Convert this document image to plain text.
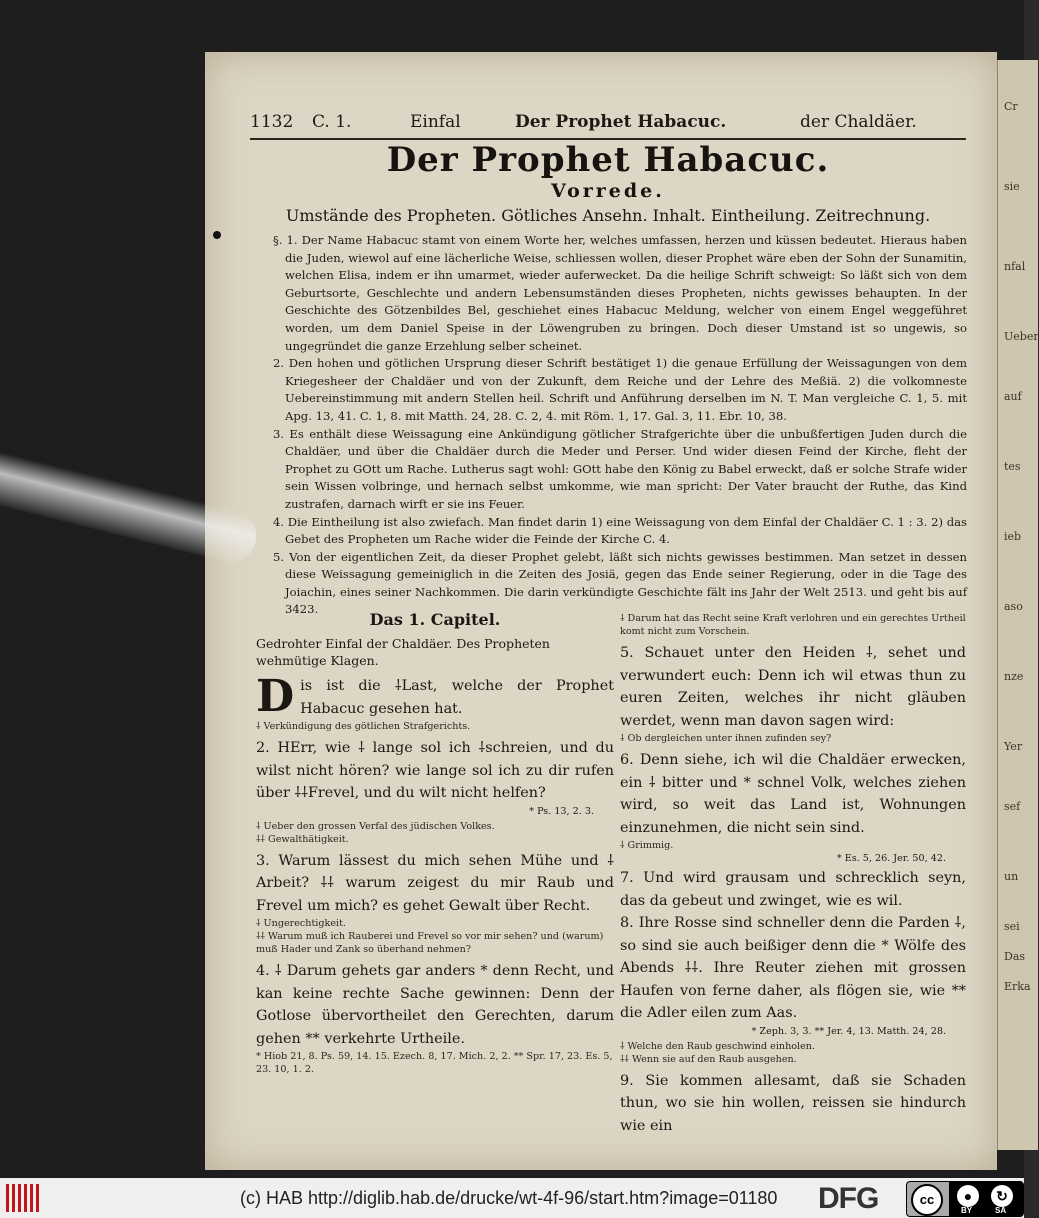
Cr
sie
nfal
Ueber
auf
tes
ieb
aso
nze
Yer
sef
un
sei
Das
Erka
1132 C. 1.	Einfal	Der Prophet Habacuc.	der Chaldäer.
Der Prophet Habacuc.
Vorrede.
Umstände des Propheten. Götliches Ansehn. Inhalt. Eintheilung. Zeitrechnung.

§. 1. Der Name Habacuc stamt von einem Worte her, welches umfassen, herzen und küssen bedeutet. Hieraus haben die Juden, wiewol auf eine lächerliche Weise, schliessen wollen, dieser Prophet wäre eben der Sohn der Sunamitin, welchen Elisa, indem er ihn umarmet, wieder auferwecket. Da die heilige Schrift schweigt: So läßt sich von dem Geburtsorte, Geschlechte und andern Lebensumständen dieses Propheten, nichts gewisses behaupten. In der Geschichte des Götzenbildes Bel, geschiehet eines Habacuc Meldung, welcher von einem Engel weggeführet worden, um dem Daniel Speise in der Löwengruben zu bringen. Doch dieser Umstand ist so ungewis, so ungegründet die ganze Erzehlung selber scheinet.

2. Den hohen und götlichen Ursprung dieser Schrift bestätiget 1) die genaue Erfüllung der Weissagungen von dem Kriegesheer der Chaldäer und von der Zukunft, dem Reiche und der Lehre des Meßiä. 2) die volkomneste Uebereinstimmung mit andern Stellen heil. Schrift und Anführung derselben im N. T. Man vergleiche C. 1, 5. mit Apg. 13, 41. C. 1, 8. mit Matth. 24, 28. C. 2, 4. mit Röm. 1, 17. Gal. 3, 11. Ebr. 10, 38.

3. Es enthält diese Weissagung eine Ankündigung götlicher Strafgerichte über die unbußfertigen Juden durch die Chaldäer, und über die Chaldäer durch die Meder und Perser. Und wider diesen Feind der Kirche, fleht der Prophet zu GOtt um Rache. Lutherus sagt wohl: GOtt habe den König zu Babel erweckt, daß er solche Strafe wider sein Wissen volbringe, und hernach selbst umkomme, wie man spricht: Der Vater braucht der Ruthe, das Kind zustrafen, darnach wirft er sie ins Feuer.

4. Die Eintheilung ist also zwiefach. Man findet darin 1) eine Weissagung von dem Einfal der Chaldäer C. 1 : 3. 2) das Gebet des Propheten um Rache wider die Feinde der Kirche C. 4.

5. Von der eigentlichen Zeit, da dieser Prophet gelebt, läßt sich nichts gewisses bestimmen. Man setzet in dessen diese Weissagung gemeiniglich in die Zeiten des Josiä, gegen das Ende seiner Regierung, oder in die Tage des Joiachin, eines seiner Nachkommen. Die darin verkündigte Geschichte fält ins Jahr der Welt 2513. und geht bis auf 3423.

Das 1. Capitel.
Gedrohter Einfal der Chaldäer. Des Propheten wehmütige Klagen.

Dis ist die ⸸Last, welche der Prophet Habacuc gesehen hat.

⸸ Verkündigung des götlichen Strafgerichts.

2. HErr, wie ⸸ lange sol ich ⸸schreien, und du wilst nicht hören? wie lange sol ich zu dir rufen über ⸸⸸Frevel, und du wilt nicht helfen?

* Ps. 13, 2. 3.

⸸ Ueber den grossen Verfal des jüdischen Volkes.

⸸⸸ Gewalthätigkeit.

3. Warum lässest du mich sehen Mühe und ⸸ Arbeit? ⸸⸸ warum zeigest du mir Raub und Frevel um mich? es gehet Gewalt über Recht.

⸸ Ungerechtigkeit.

⸸⸸ Warum muß ich Rauberei und Frevel so vor mir sehen? und (warum) muß Hader und Zank so überhand nehmen?

4. ⸸ Darum gehets gar anders * denn Recht, und kan keine rechte Sache gewinnen: Denn der Gotlose übervortheilet den Gerechten, darum gehen ** verkehrte Urtheile.

* Hiob 21, 8. Ps. 59, 14. 15. Ezech. 8, 17. Mich. 2, 2. ** Spr. 17, 23. Es. 5, 23. 10, 1. 2.

⸸ Darum hat das Recht seine Kraft verlohren und ein gerechtes Urtheil komt nicht zum Vorschein.

5. Schauet unter den Heiden ⸸, sehet und verwundert euch: Denn ich wil etwas thun zu euren Zeiten, welches ihr nicht gläuben werdet, wenn man davon sagen wird:

⸸ Ob dergleichen unter ihnen zufinden sey?

6. Denn siehe, ich wil die Chaldäer erwecken, ein ⸸ bitter und * schnel Volk, welches ziehen wird, so weit das Land ist, Wohnungen einzunehmen, die nicht sein sind.

⸸ Grimmig.

* Es. 5, 26. Jer. 50, 42.

7. Und wird grausam und schrecklich seyn, das da gebeut und zwinget, wie es wil.

8. Ihre Rosse sind schneller denn die Parden ⸸, so sind sie auch beißiger denn die * Wölfe des Abends ⸸⸸. Ihre Reuter ziehen mit grossen Haufen von ferne daher, als flögen sie, wie ** die Adler eilen zum Aas.

* Zeph. 3, 3. ** Jer. 4, 13. Matth. 24, 28.

⸸ Welche den Raub geschwind einholen.

⸸⸸ Wenn sie auf den Raub ausgehen.

9. Sie kommen allesamt, daß sie Schaden thun, wo sie hin wollen, reissen sie hindurch wie ein

(c) HAB http://diglib.hab.de/drucke/wt-4f-96/start.htm?image=01180 DFG	cc	●	↻
BY	SA
